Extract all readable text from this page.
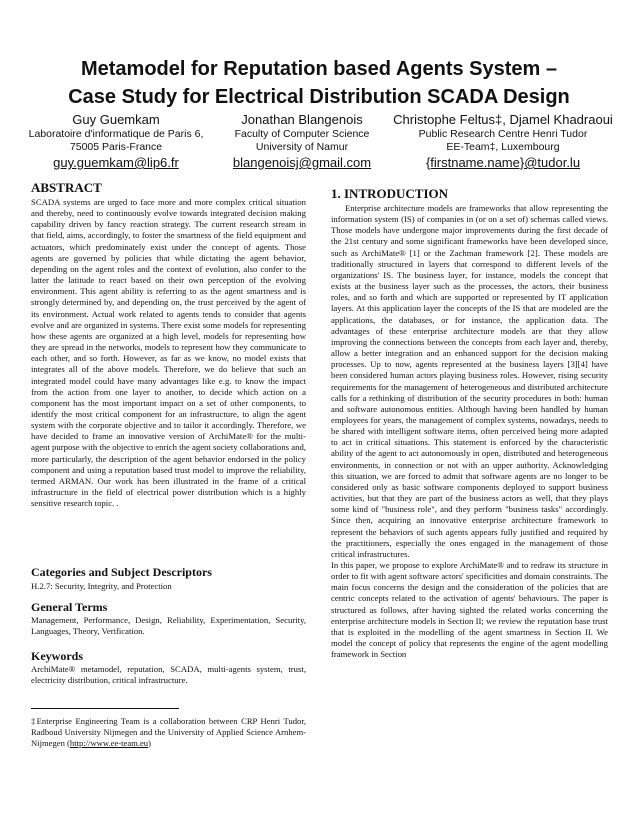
Metamodel for Reputation based Agents System –
Case Study for Electrical Distribution SCADA Design
Guy Guemkam
Laboratoire d'informatique de Paris 6,
75005 Paris-France
guy.guemkam@lip6.fr
Jonathan Blangenois
Faculty of Computer Science
University of Namur
blangenoisj@gmail.com
Christophe Feltus‡, Djamel Khadraoui
Public Research Centre Henri Tudor
EE-Team‡, Luxembourg
{firstname.name}@tudor.lu
ABSTRACT

SCADA systems are urged to face more and more complex critical situation and thereby, need to continuously evolve towards integrated decision making capability driven by fancy reaction strategy. The current research stream in that field, aims, accordingly, to foster the smartness of the field equipment and actuators, which predominately exist under the concept of agents. Those agents are governed by policies that while dictating the agent behavior, depending on the agent roles and the context of evolution, also confer to the latter the latitude to react based on their own perception of the evolving environment. This agent ability is referring to as the agent smartness and is strongly determined by, and depending on, the trust perceived by the agent of its environment. Actual work related to agents tends to consider that agents evolve and are organized in systems. There exist some models for representing how these agents are organized at a high level, models for representing how they are spread in the networks, models to represent how they communicate to each other, and so forth. However, as far as we know, no model exists that integrates all of the above models. Therefore, we do believe that such an integrated model could have many advantages like e.g. to know the impact from the action from one layer to another, to decide which action on a component has the most important impact on a set of other components, to identify the most critical component for an infrastructure, to align the agent system with the corporate objective and to tailor it accordingly. Therefore, we have decided to frame an innovative version of ArchiMate® for the multi-agent purpose with the objective to enrich the agent society collaborations and, more particularly, the description of the agent behavior endorsed in the policy component and using a reputation based trust model to improve the reliability, termed ARMAN. Our work has been illustrated in the frame of a critical infrastructure in the field of electrical power distribution which is a highly sensitive research topic. .

Categories and Subject Descriptors

H.2.7: Security, Integrity, and Protection

General Terms

Management, Performance, Design, Reliability, Experimentation, Security, Languages, Theory, Verification.

Keywords

ArchiMate® metamodel, reputation, SCADA, multi-agents system, trust, electricity distribution, critical infrastructure.

‡Enterprise Engineering Team is a collaboration between CRP Henri Tudor, Radboud University Nijmegen and the University of Applied Science Arnhem-Nijmegen (http://www.ee-team.eu)
1. INTRODUCTION

Enterprise architecture models are frameworks that allow representing the information system (IS) of companies in (or on a set of) schemas called views. Those models have undergone major improvements during the first decade of the 21st century and some significant frameworks have been developed since, such as ArchiMate® [1] or the Zachman framework [2]. These models are traditionally structured in layers that correspond to different levels of the organizations' IS. The business layer, for instance, models the concept that exists at the business layer such as the processes, the actors, their business roles, and so forth and which are supported or represented by IT application layers. At this application layer the concepts of the IS that are modeled are the applications, the databases, or for instance, the application data. The advantages of these enterprise architecture models are that they allow improving the connections between the concepts from each layer and, thereby, allow a better integration and an enhanced support for the decision making processes. Up to now, agents represented at the business layers [3][4] have been considered human actors playing business roles. However, rising security requirements for the management of heterogeneous and distributed architecture calls for a rethinking of distribution of the security procedures in both: human and software autonomous entities. Although having been handled by human employees for years, the management of complex systems, nowadays, needs to be shared with intelligent software items, often perceived being more adapted to act in critical situations. This statement is enforced by the characteristic ability of the agent to act autonomously in open, distributed and heterogeneous environments, in connection or not with an upper authority. Acknowledging this situation, we are forced to admit that software agents are no longer to be considered only as basic software components deployed to support business activities, but that they are part of the business actors as well, that they plays some kind of "business role", and they perform "business tasks" accordingly. Since then, acquiring an innovative enterprise architecture framework to represent the behaviors of such agents appears fully justified and required by the practitioners, especially the ones engaged in the management of those critical infrastructures.

In this paper, we propose to explore ArchiMate® and to redraw its structure in order to fit with agent software actors' specificities and domain constraints. The main focus concerns the design and the consideration of the policies that are centric concepts related to the activation of agents' behaviours. The paper is structured as follows, after having sighted the related works concerning the enterprise architecture models in Section II; we review the reputation base trust that is exploited in the modelling of the agent smartness in Section II. We model the concept of policy that represents the engine of the agent modelling framework in Section
